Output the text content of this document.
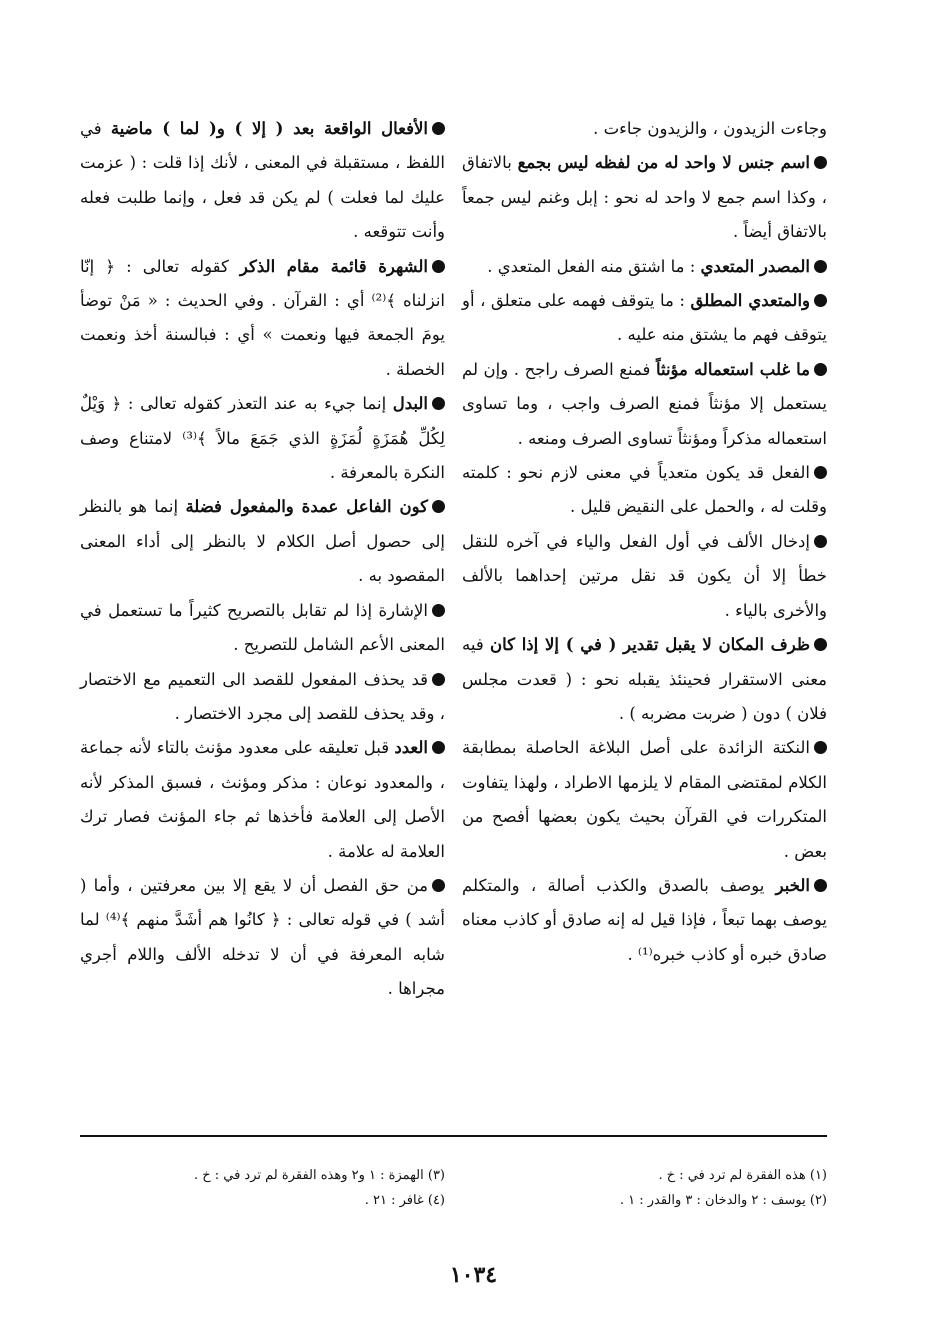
وجاءت الزيدون ، والزيدون جاءت .

اسم جنس لا واحد له من لفظه ليس بجمع بالاتفاق ، وكذا اسم جمع لا واحد له نحو : إبل وغنم ليس جمعاً بالاتفاق أيضاً .

المصدر المتعدي : ما اشتق منه الفعل المتعدي .

والمتعدي المطلق : ما يتوقف فهمه على متعلق ، أو يتوقف فهم ما يشتق منه عليه .

ما غلب استعماله مؤنثاً فمنع الصرف راجح . وإن لم يستعمل إلا مؤنثاً فمنع الصرف واجب ، وما تساوى استعماله مذكراً ومؤنثاً تساوى الصرف ومنعه .

الفعل قد يكون متعدياً في معنى لازم نحو : كلمته وقلت له ، والحمل على النقيض قليل .

إدخال الألف في أول الفعل والياء في آخره للنقل خطأ إلا أن يكون قد نقل مرتين إحداهما بالألف والأخرى بالياء .

ظرف المكان لا يقبل تقدير ( في ) إلا إذا كان فيه معنى الاستقرار فحينئذ يقبله نحو : ( قعدت مجلس فلان ) دون ( ضربت مضربه ) .

النكتة الزائدة على أصل البلاغة الحاصلة بمطابقة الكلام لمقتضى المقام لا يلزمها الاطراد ، ولهذا يتفاوت المتكررات في القرآن بحيث يكون بعضها أفصح من بعض .

الخبر يوصف بالصدق والكذب أصالة ، والمتكلم يوصف بهما تبعاً ، فإذا قيل له إنه صادق أو كاذب معناه صادق خبره أو كاذب خبره⁽¹⁾ .

الأفعال الواقعة بعد ( إلا ) و( لما ) ماضية في اللفظ ، مستقبلة في المعنى ، لأنك إذا قلت : ( عزمت عليك لما فعلت ) لم يكن قد فعل ، وإنما طلبت فعله وأنت تتوقعه .

الشهرة قائمة مقام الذكر كقوله تعالى : ﴿ إنّا انزلناه ﴾⁽²⁾ أي : القرآن . وفي الحديث : « مَنْ توضأ يومَ الجمعة فيها ونعمت » أي : فبالسنة أخذ ونعمت الخصلة .

البدل إنما جيء به عند التعذر كقوله تعالى : ﴿ وَيْلٌ لِكُلِّ هُمَزَةٍ لُمَزَةٍ الذي جَمَعَ مالاً ﴾⁽³⁾ لامتناع وصف النكرة بالمعرفة .

كون الفاعل عمدة والمفعول فضلة إنما هو بالنظر إلى حصول أصل الكلام لا بالنظر إلى أداء المعنى المقصود به .

الإشارة إذا لم تقابل بالتصريح كثيراً ما تستعمل في المعنى الأعم الشامل للتصريح .

قد يحذف المفعول للقصد الى التعميم مع الاختصار ، وقد يحذف للقصد إلى مجرد الاختصار .

العدد قبل تعليقه على معدود مؤنث بالتاء لأنه جماعة ، والمعدود نوعان : مذكر ومؤنث ، فسبق المذكر لأنه الأصل إلى العلامة فأخذها ثم جاء المؤنث فصار ترك العلامة له علامة .

من حق الفصل أن لا يقع إلا بين معرفتين ، وأما ( أشد ) في قوله تعالى : ﴿ كانُوا هم أشَدَّ منهم ﴾⁽⁴⁾ لما شابه المعرفة في أن لا تدخله الألف واللام أجري مجراها .

(١) هذه الفقرة لم ترد في : خ .

(٢) يوسف : ٢ والدخان : ٣ والقدر : ١ .

(٣) الهمزة : ١ و٢ وهذه الفقرة لم ترد في : خ .

(٤) غافر : ٢١ .

١٠٣٤
